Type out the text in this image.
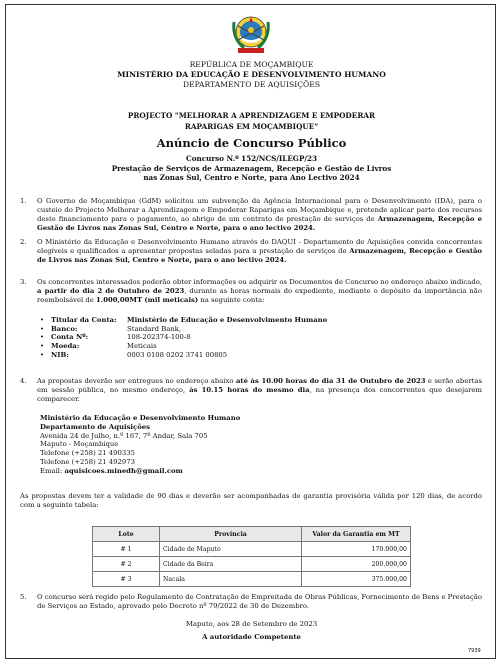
REPÚBLICA DE MOÇAMBIQUE
MINISTÉRIO DA EDUCAÇÃO E DESENVOLVIMENTO HUMANO
DEPARTAMENTO DE AQUISIÇÕES
PROJECTO "MELHORAR A APRENDIZAGEM E EMPODERAR
RAPARIGAS EM MOÇAMBIQUE"
Anúncio de Concurso Público
Concurso N.º 152/NCS/ILEGP/23
Prestação de Serviços de Armazenagem, Recepção e Gestão de Livros
nas Zonas Sul, Centro e Norte, para Ano Lectivo 2024
1.	O Governo de Moçambique (GdM) solicitou um subvenção da Agência Internacional para o Desenvolvimento (IDA), para o custeio do Projecto Melhorar a Aprendizagem e Empoderar Raparigas em Moçambique e, pretende aplicar parte dos recursos deste financiamento para o pagamento, ao abrigo de um contrato de prestação de serviços de Armazenagem, Recepção e Gestão de Livros nas Zonas Sul, Centro e Norte, para o ano lectivo 2024.
2.	O Ministério da Educação e Desenvolvimento Humano através do DAQUI - Departamento de Aquisições convida concorrentes elegíveis e qualificados a apresentar propostas seladas para a prestação de serviços de Armazenagem, Recepção e Gestão de Livros nas Zonas Sul, Centro e Norte, para o ano lectivo 2024.
3.	Os concorrentes interessados poderão obter informações ou adquirir os Documentos de Concurso no endereço abaixo indicado, a partir do dia 2 de Outubro de 2023, durante as horas normais do expediente, mediante o depósito da importância não reembolsável de 1.000,00MT (mil meticais) na seguinte conta:
•	Titular da Conta:	Ministério de Educação e Desenvolvimento Humano
•	Banco:	Standard Bank,
•	Conta Nº:	108-202374-100-8
•	Moeda:	Meticais
•	NIB:	0003 0108 0202 3741 00805
4.	As propostas deverão ser entregues no endereço abaixo até às 10.00 horas do dia 31 de Outubro de 2023 e serão abertas em sessão pública, no mesmo endereço, às 10.15 horas do mesmo dia, na presença dos concorrentes que desejarem comparecer.
Ministério da Educação e Desenvolvimento Humano
Departamento de Aquisições
Avenida 24 de Julho, n.º 167, 7º Andar, Sala 705
Maputo - Moçambique
Telefone (+258) 21 490335
Telefone (+258) 21 492973
Email: aquisicoes.minedh@gmail.com
As propostas devem ter a validade de 90 dias e deverão ser acompanhadas de garantia provisória válida por 120 dias, de acordo com a seguinte tabela:
Lote	Província	Valor da Garantia em MT
# 1	Cidade de Maputo	170.000,00
# 2	Cidade da Beira	200.000,00
# 3	Nacala	375.000,00
5.	O concurso será regido pelo Regulamento de Contratação de Empreitada de Obras Públicas, Fornecimento de Bens e Prestação de Serviços ao Estado, aprovado pelo Decreto nº 79/2022 de 30 de Dezembro.
Maputo, aos 28 de Setembro de 2023
A autoridade Competente
7939
